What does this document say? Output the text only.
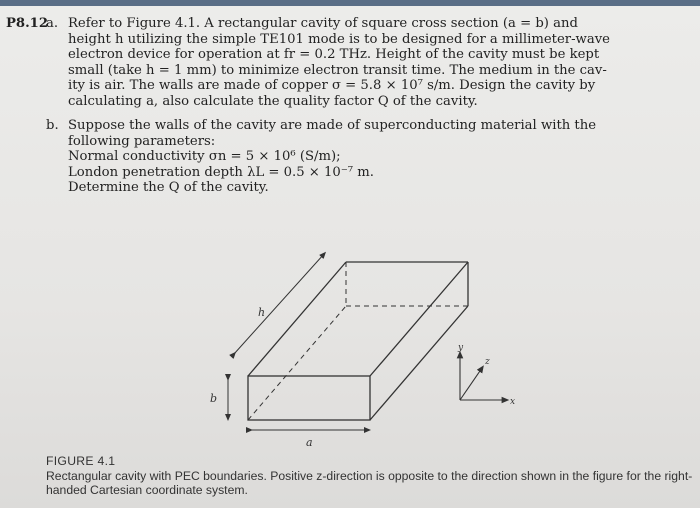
P8.12
a. Refer to Figure 4.1. A rectangular cavity of square cross section (a = b) and
height h utilizing the simple TE101 mode is to be designed for a millimeter-wave
electron device for operation at fr = 0.2 THz. Height of the cavity must be kept
small (take h = 1 mm) to minimize electron transit time. The medium in the cav-
ity is air. The walls are made of copper σ = 5.8 × 10⁷ s/m. Design the cavity by
calculating a, also calculate the quality factor Q of the cavity.
b. Suppose the walls of the cavity are made of superconducting material with the
following parameters:
Normal conductivity σn = 5 × 10⁶ (S/m);
London penetration depth λL = 0.5 × 10⁻⁷ m.
Determine the Q of the cavity.
h
b
a
x
y
z
FIGURE 4.1
Rectangular cavity with PEC boundaries. Positive z-direction is opposite to the direction shown in the figure for the right-handed Cartesian coordinate system.
